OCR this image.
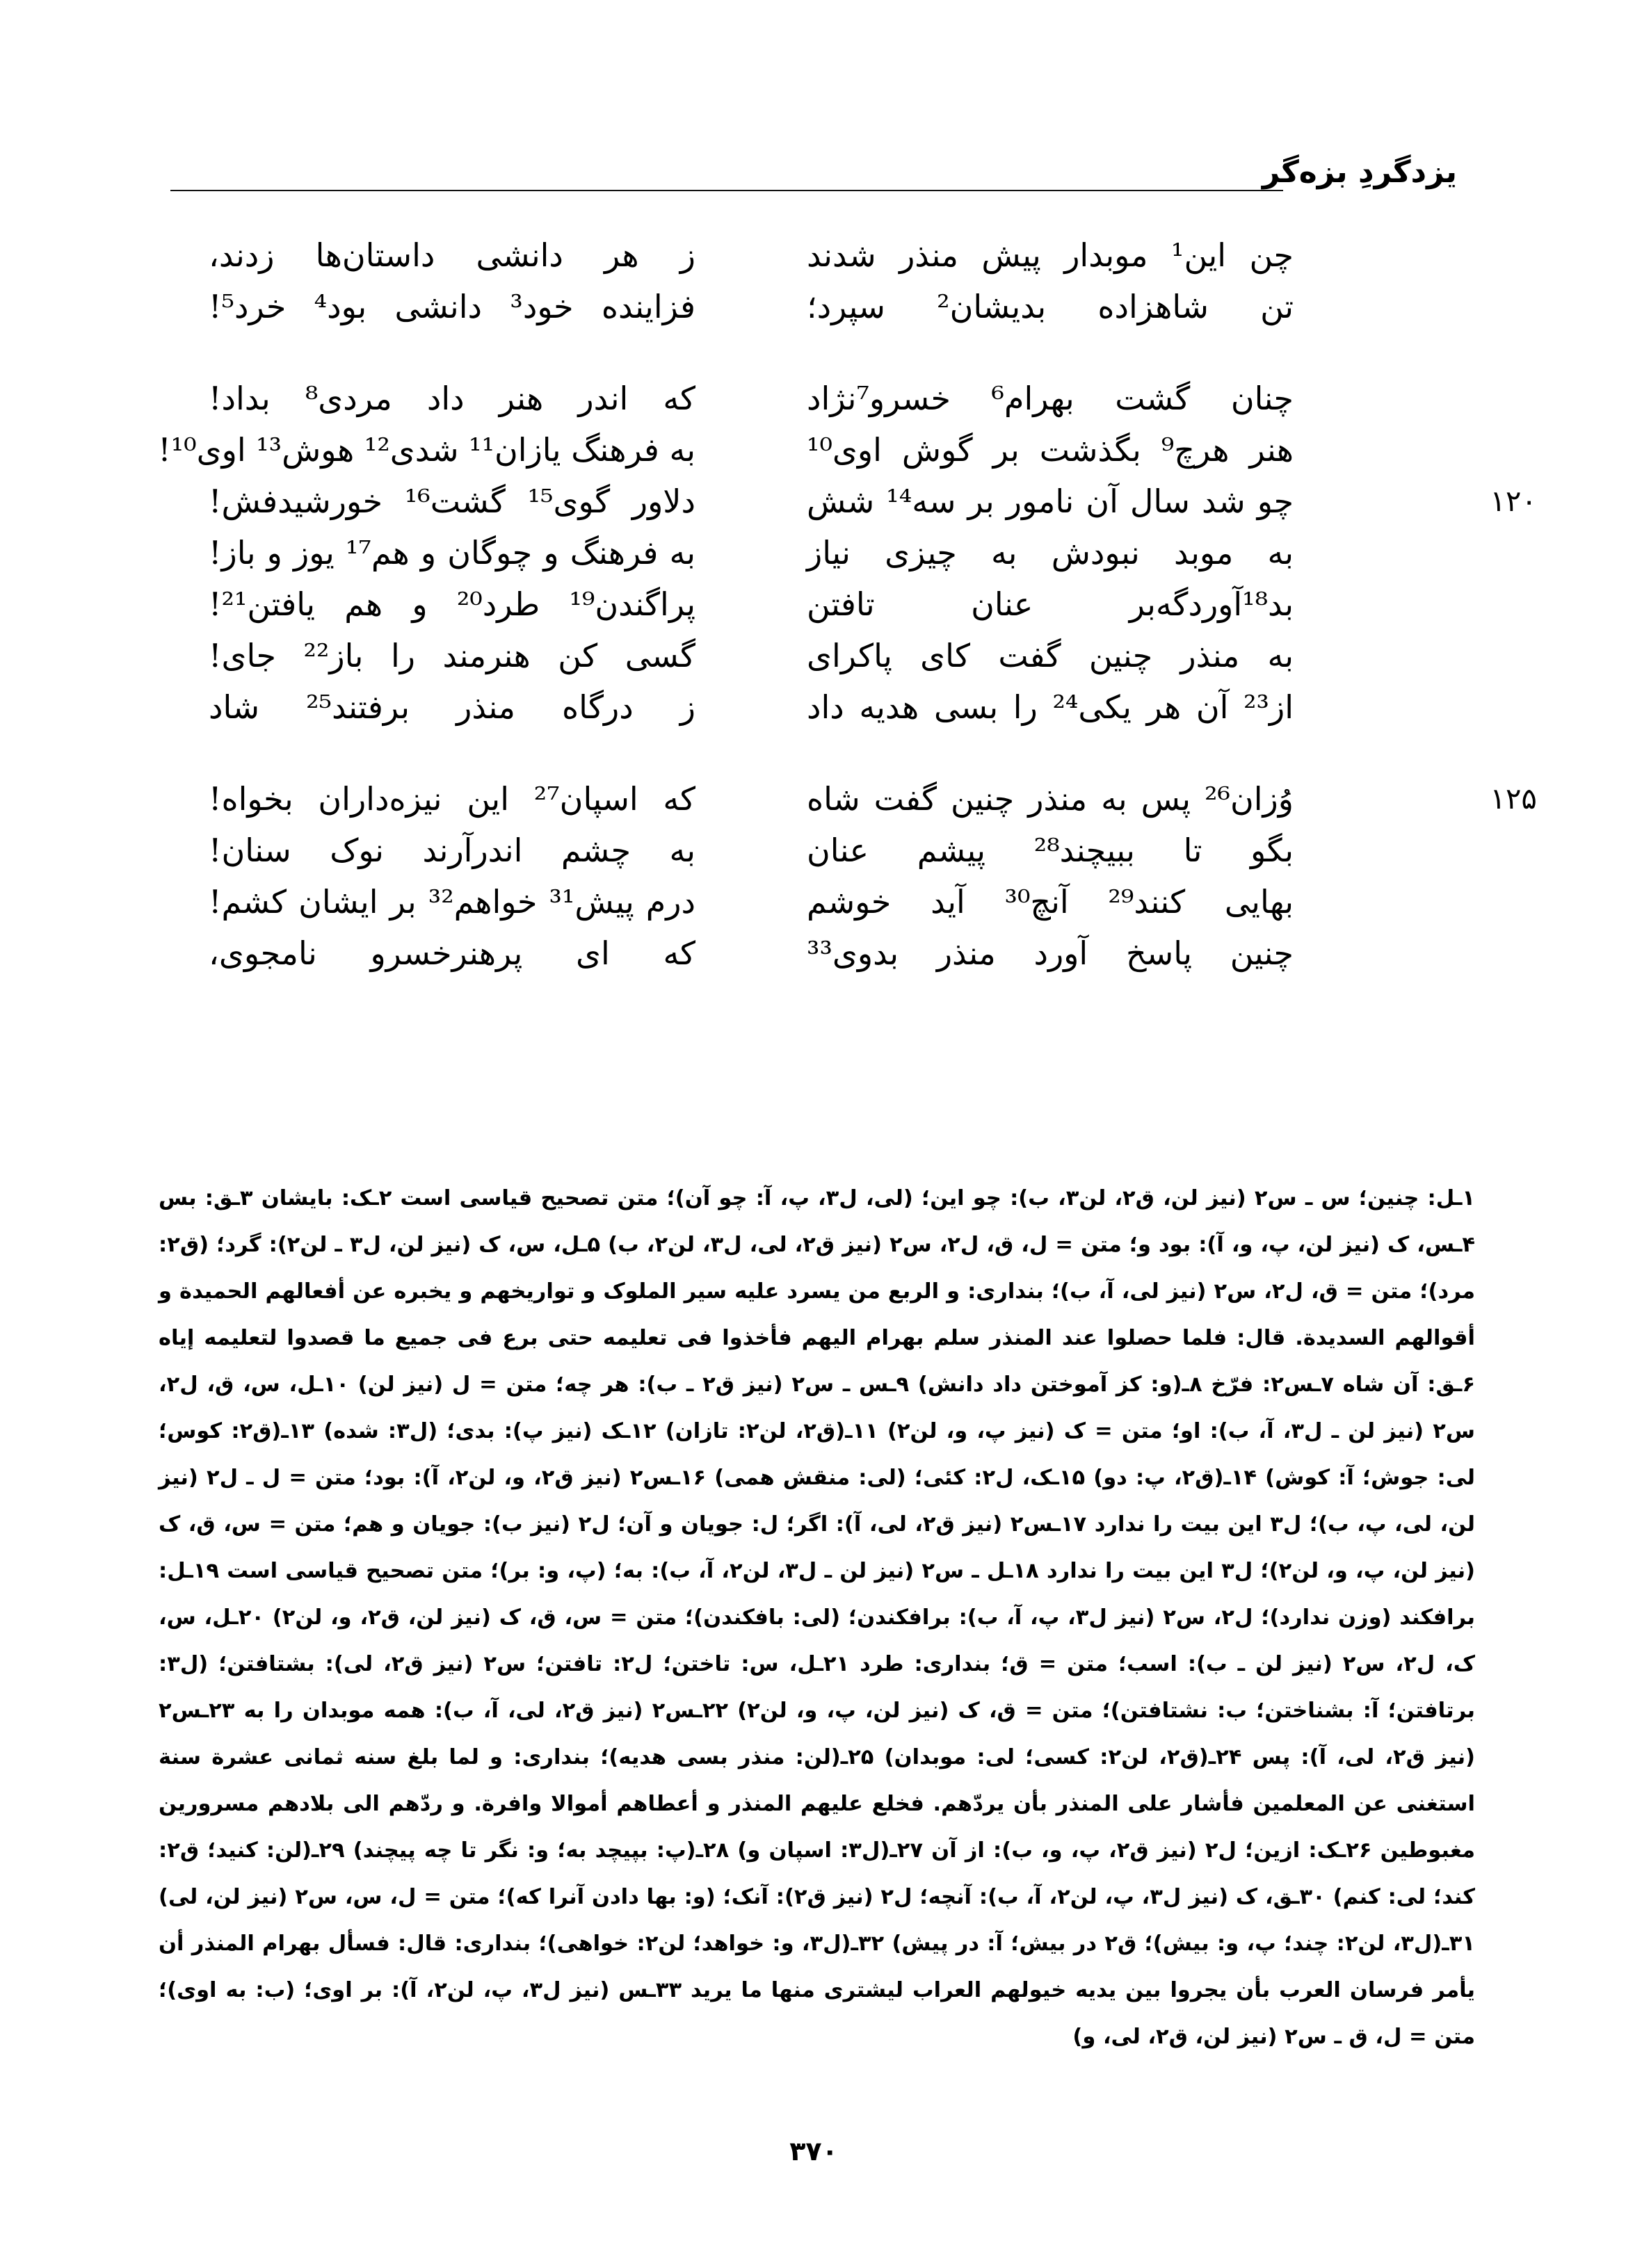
یزدگردِ بزه‌گر
چن این¹ موبدار پیش منذر شدند
ز هر دانشی داستان‌ها زدند،
تن شاهزاده بدیشان² سپرد؛
فزاینده خود³ دانشی بود⁴ خرد⁵!
چنان گشت بهرام⁶ خسرو⁷نژاد
که اندر هنر داد مردی⁸ بداد!
هنر هرچ⁹ بگذشت بر گوش اوی¹⁰
به فرهنگ یازان¹¹ شدی¹² هوش¹³ اوی¹⁰!
۱۲۰
چو شد سال آن نامور بر سه¹⁴ شش
دلاور گوی¹⁵ گشت¹⁶ خورشیدفش!
به موبد نبودش به چیزی نیاز
به فرهنگ و چوگان و هم¹⁷ یوز و باز!
بد¹⁸آوردگه‌بر عنان تافتن
پراگندن¹⁹ طرد²⁰ و هم یافتن²¹!
به منذر چنین گفت کای پاکرای
گسی کن هنرمند را باز²² جای!
از²³ آن هر یکی²⁴ را بسی هدیه داد
ز درگاه منذر برفتند²⁵ شاد
۱۲۵
وُزان²⁶ پس به منذر چنین گفت شاه
که اسپان²⁷ این نیزه‌داران بخواه!
بگو تا ببیچند²⁸ پیشم عنان
به چشم اندرآرند نوک سنان!
بهایی کنند²⁹ آنچ³⁰ آید خوشم
درم پیش³¹ خواهم³² بر ایشان کشم!
چنین پاسخ آورد منذر بدوی³³
که ای پرهنرخسرو نامجوی،
۱ـل: چنین؛ س ـ س۲ (نیز لن، ق۲، لن۳، ب): چو این؛ (لی، ل۳، پ، آ: چو آن)؛ متن تصحیح قیاسی است ۲ـک: بایشان ۳ـق: بس ۴ـس، ک (نیز لن، پ، و، آ): بود و؛ متن = ل، ق، ل۲، س۲ (نیز ق۲، لی، ل۳، لن۲، ب) ۵ـل، س، ک (نیز لن، ل۳ ـ لن۲): گرد؛ (ق۲: مرد)؛ متن = ق، ل۲، س۲ (نیز لی، آ، ب)؛ بنداری: و الربع من یسرد علیه سیر الملوک و تواریخهم و یخبره عن أفعالهم الحمیدة و أقوالهم السدیدة. قال: فلما حصلوا عند المنذر سلم بهرام الیهم فأخذوا فی تعلیمه حتی برع فی جمیع ما قصدوا لتعلیمه إیاه ۶ـق: آن شاه ۷ـس۲: فرّخ ۸ـ(و: کز آموختن داد دانش) ۹ـس ـ س۲ (نیز ق۲ ـ ب): هر چه؛ متن = ل (نیز لن) ۱۰ـل، س، ق، ل۲، س۲ (نیز لن ـ ل۳، آ، ب): او؛ متن = ک (نیز پ، و، لن۲) ۱۱ـ(ق۲، لن۲: تازان) ۱۲ـک (نیز پ): بدی؛ (ل۳: شده) ۱۳ـ(ق۲: کوس؛ لی: جوش؛ آ: کوش) ۱۴ـ(ق۲، پ: دو) ۱۵ـک، ل۲: کئی؛ (لی: منقش همی) ۱۶ـس۲ (نیز ق۲، و، لن۲، آ): بود؛ متن = ل ـ ل۲ (نیز لن، لی، پ، ب)؛ ل۳ این بیت را ندارد ۱۷ـس۲ (نیز ق۲، لی، آ): اگر؛ ل: جویان و آن؛ ل۲ (نیز ب): جویان و هم؛ متن = س، ق، ک (نیز لن، پ، و، لن۲)؛ ل۳ این بیت را ندارد ۱۸ـل ـ س۲ (نیز لن ـ ل۳، لن۲، آ، ب): به؛ (پ، و: بر)؛ متن تصحیح قیاسی است ۱۹ـل: برافکند (وزن ندارد)؛ ل۲، س۲ (نیز ل۳، پ، آ، ب): برافکندن؛ (لی: بافکندن)؛ متن = س، ق، ک (نیز لن، ق۲، و، لن۲) ۲۰ـل، س، ک، ل۲، س۲ (نیز لن ـ ب): اسب؛ متن = ق؛ بنداری: طرد ۲۱ـل، س: تاختن؛ ل۲: تافتن؛ س۲ (نیز ق۲، لی): بشتافتن؛ (ل۳: برتافتن؛ آ: بشناختن؛ ب: نشتافتن)؛ متن = ق، ک (نیز لن، پ، و، لن۲) ۲۲ـس۲ (نیز ق۲، لی، آ، ب): همه موبدان را به ۲۳ـس۲ (نیز ق۲، لی، آ): پس ۲۴ـ(ق۲، لن۲: کسی؛ لی: موبدان) ۲۵ـ(لن: منذر بسی هدیه)؛ بنداری: و لما بلغ سنه ثمانی عشرة سنة استغنی عن المعلمین فأشار علی المنذر بأن یردّهم. فخلع علیهم المنذر و أعطاهم أموالا وافرة. و ردّهم الی بلادهم مسرورین مغبوطین ۲۶ـک: ازین؛ ل۲ (نیز ق۲، پ، و، ب): از آن ۲۷ـ(ل۳: اسپان و) ۲۸ـ(پ: بپیچد به؛ و: نگر تا چه پیچند) ۲۹ـ(لن: کنید؛ ق۲: کند؛ لی: کنم) ۳۰ـق، ک (نیز ل۳، پ، لن۲، آ، ب): آنچه؛ ل۲ (نیز ق۲): آنک؛ (و: بها دادن آنرا که)؛ متن = ل، س، س۲ (نیز لن، لی) ۳۱ـ(ل۳، لن۲: چند؛ پ، و: بیش)؛ ق۲ در بیش؛ آ: در پیش) ۳۲ـ(ل۳، و: خواهد؛ لن۲: خواهی)؛ بنداری: قال: فسأل بهرام المنذر أن یأمر فرسان العرب بأن یجروا بین یدیه خیولهم العراب لیشتری منها ما یرید ۳۳ـس (نیز ل۳، پ، لن۲، آ): بر اوی؛ (ب: به اوی)؛ متن = ل، ق ـ س۲ (نیز لن، ق۲، لی، و)
۳۷۰
